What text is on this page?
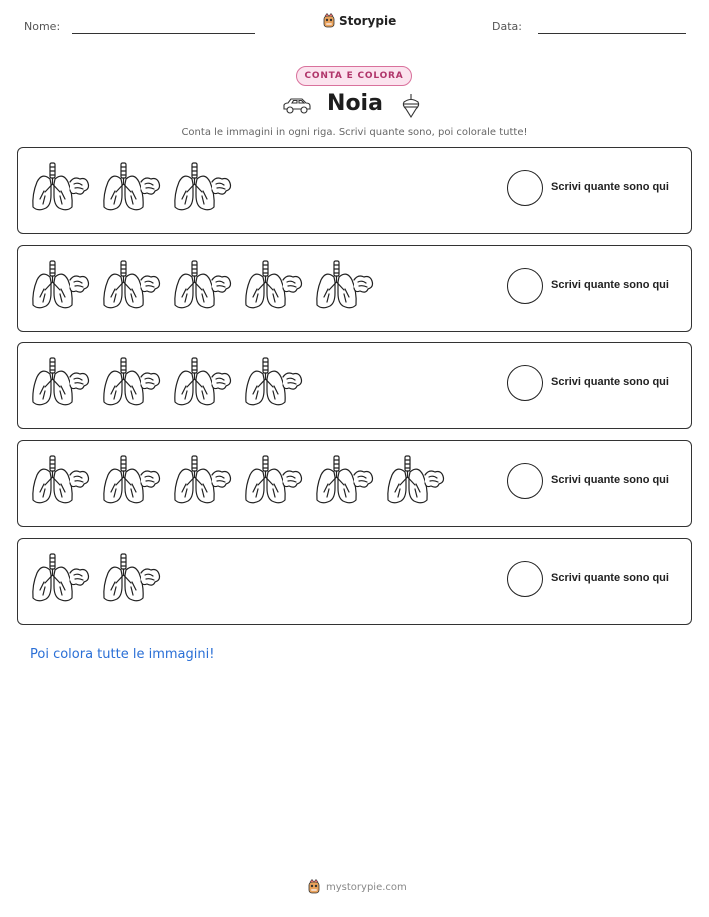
Nome:	Storypie	Data:
CONTA E COLORA
Noia
Conta le immagini in ogni riga. Scrivi quante sono, poi colorale tutte!
Scrivi quante sono qui
Scrivi quante sono qui
Scrivi quante sono qui
Scrivi quante sono qui
Scrivi quante sono qui
Poi colora tutte le immagini!
mystorypie.com
